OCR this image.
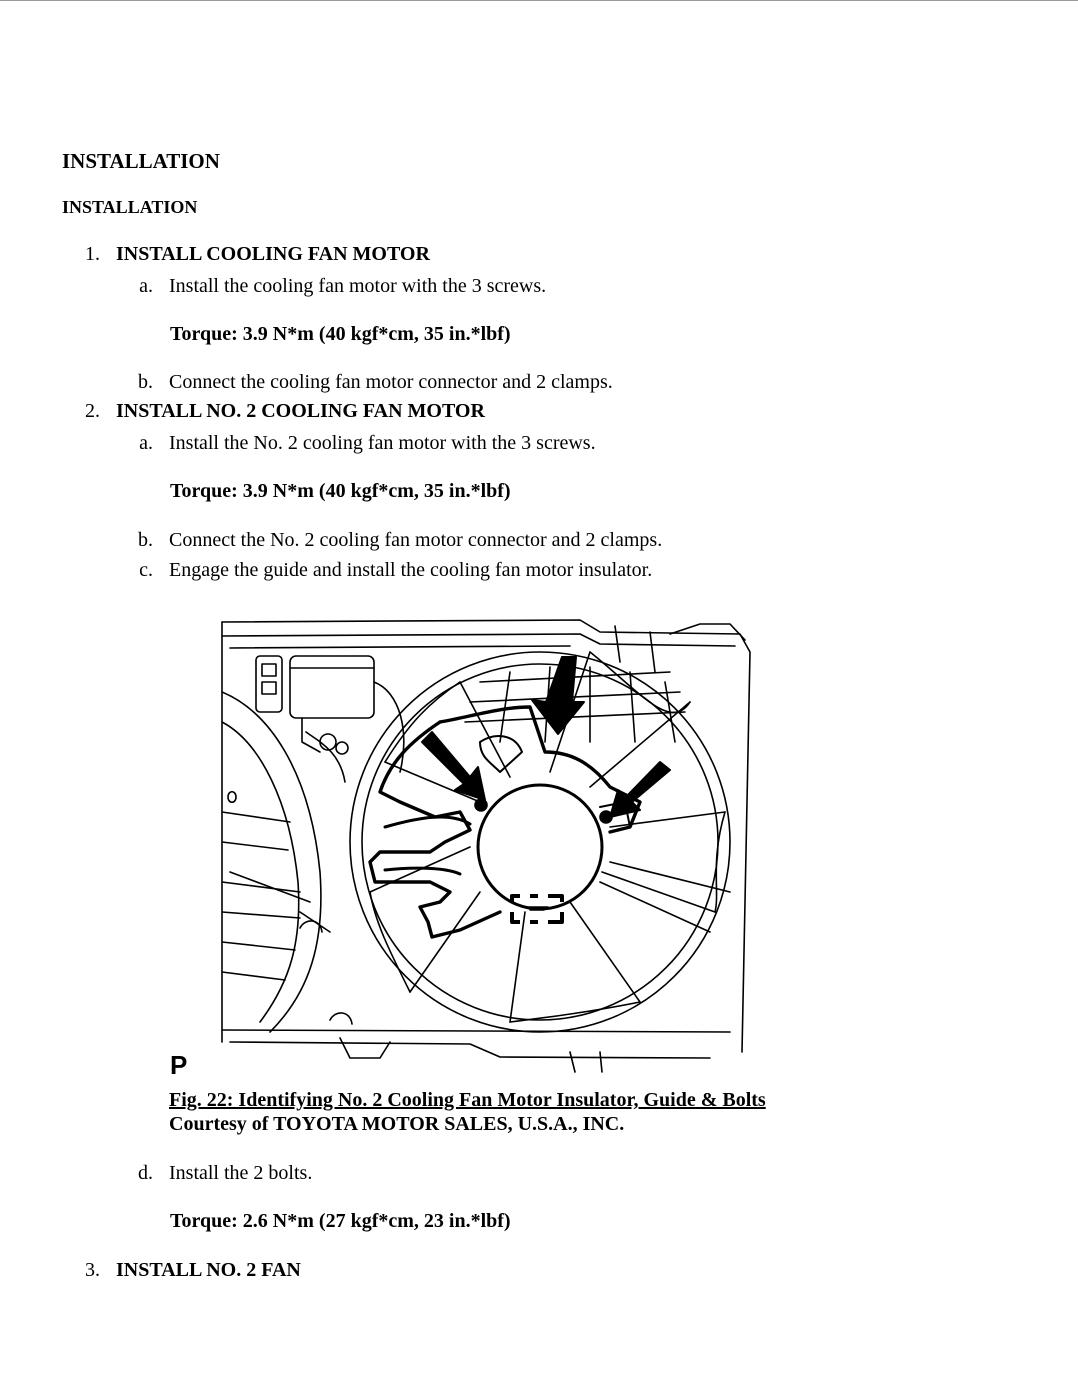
INSTALLATION
INSTALLATION
1. INSTALL COOLING FAN MOTOR
a. Install the cooling fan motor with the 3 screws.
Torque: 3.9 N*m (40 kgf*cm, 35 in.*lbf)
b. Connect the cooling fan motor connector and 2 clamps.
2. INSTALL NO. 2 COOLING FAN MOTOR
a. Install the No. 2 cooling fan motor with the 3 screws.
Torque: 3.9 N*m (40 kgf*cm, 35 in.*lbf)
b. Connect the No. 2 cooling fan motor connector and 2 clamps.
c. Engage the guide and install the cooling fan motor insulator.
P
Fig. 22: Identifying No. 2 Cooling Fan Motor Insulator, Guide & Bolts
Courtesy of TOYOTA MOTOR SALES, U.S.A., INC.
d. Install the 2 bolts.
Torque: 2.6 N*m (27 kgf*cm, 23 in.*lbf)
3. INSTALL NO. 2 FAN
